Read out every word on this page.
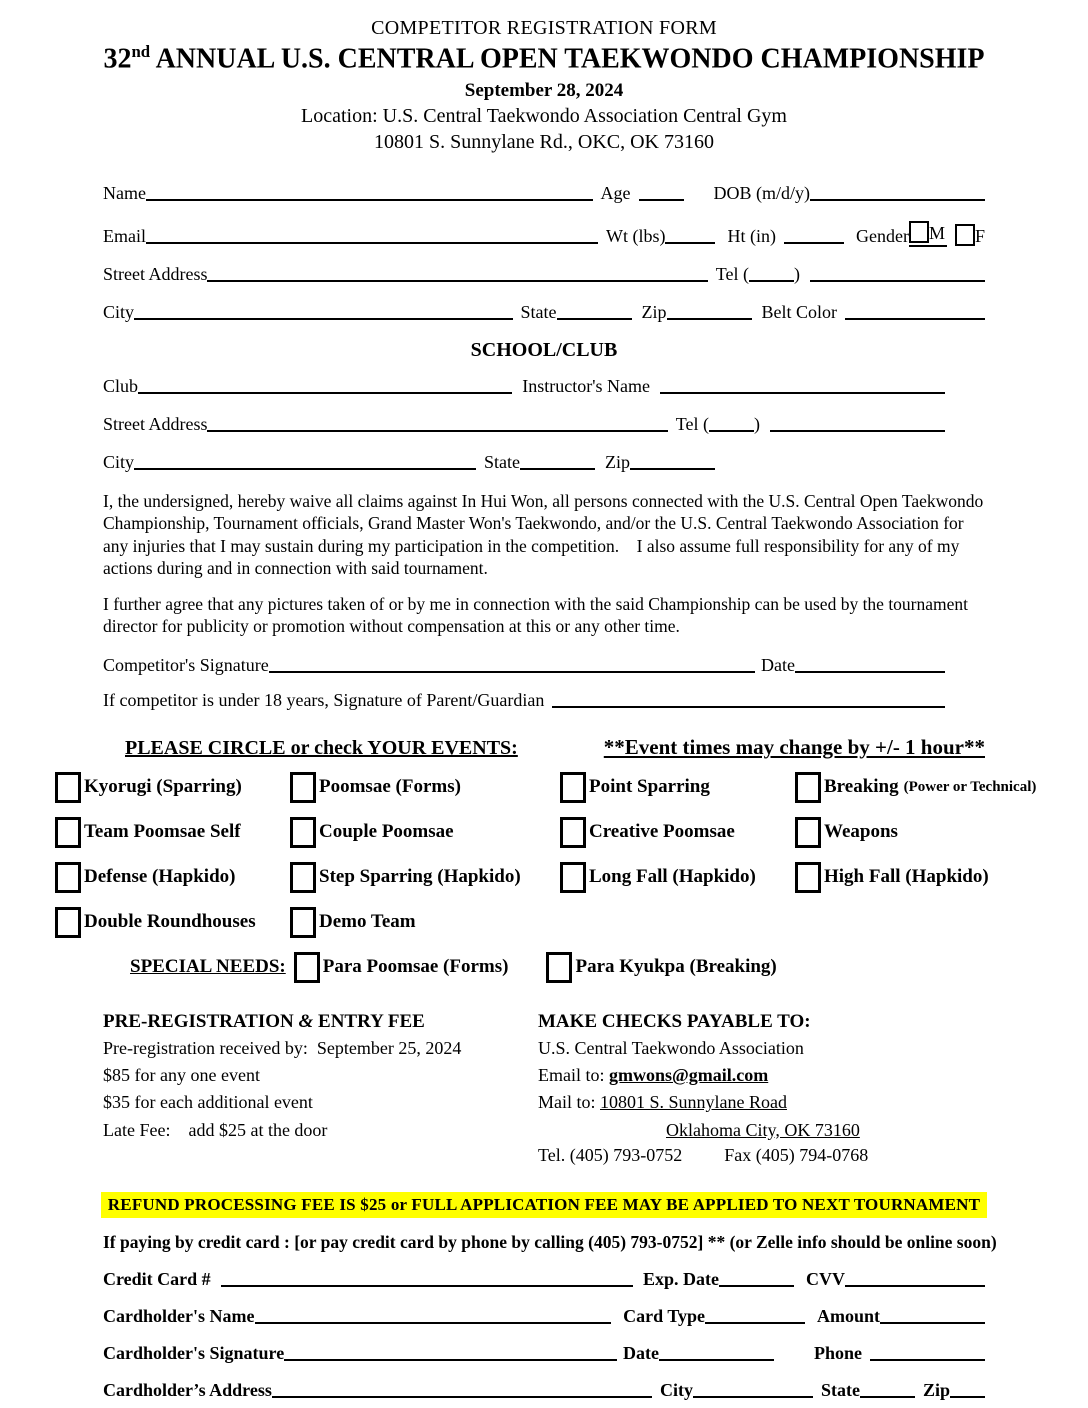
COMPETITOR REGISTRATION FORM
32nd ANNUAL U.S. CENTRAL OPEN TAEKWONDO CHAMPIONSHIP
September 28, 2024
Location: U.S. Central Taekwondo Association Central Gym
10801 S. Sunnylane Rd., OKC, OK 73160
Name	Age	DOB (m/d/y)
Email	Wt (lbs)	Ht (in)	Gender M F
Street Address	Tel (	)
City	State	Zip	Belt Color
SCHOOL/CLUB
Club	Instructor's Name
Street Address	Tel (	)
City	State	Zip
I, the undersigned, hereby waive all claims against In Hui Won, all persons connected with the U.S. Central Open Taekwondo Championship, Tournament officials, Grand Master Won's Taekwondo, and/or the U.S. Central Taekwondo Association for any injuries that I may sustain during my participation in the competition.    I also assume full responsibility for any of my actions during and in connection with said tournament.
I further agree that any pictures taken of or by me in connection with the said Championship can be used by the tournament director for publicity or promotion without compensation at this or any other time.
Competitor's Signature	Date
If competitor is under 18 years, Signature of Parent/Guardian
PLEASE CIRCLE or check YOUR EVENTS:	**Event times may change by +/- 1 hour**
Kyorugi (Sparring)	Poomsae (Forms)	Point Sparring	Breaking (Power or Technical)
Team Poomsae Self	Couple Poomsae	Creative Poomsae	Weapons
Defense (Hapkido)	Step Sparring (Hapkido)	Long Fall (Hapkido)	High Fall (Hapkido)
Double Roundhouses	Demo Team
SPECIAL NEEDS: Para Poomsae (Forms)	Para Kyukpa (Breaking)
PRE-REGISTRATION & ENTRY FEE
Pre-registration received by:  September 25, 2024
$85 for any one event
$35 for each additional event
Late Fee:    add $25 at the door
MAKE CHECKS PAYABLE TO:
U.S. Central Taekwondo Association
Email to: gmwons@gmail.com
Mail to: 10801 S. Sunnylane Road
Oklahoma City, OK 73160
Tel. (405) 793-0752 Fax (405) 794-0768
REFUND PROCESSING FEE IS $25 or FULL APPLICATION FEE MAY BE APPLIED TO NEXT TOURNAMENT
If paying by credit card : [or pay credit card by phone by calling (405) 793-0752] ** (or Zelle info should be online soon)
Credit Card #	Exp. Date	CVV
Cardholder's Name	Card Type	Amount
Cardholder's Signature	Date	Phone
Cardholder’s Address	City	State	Zip
